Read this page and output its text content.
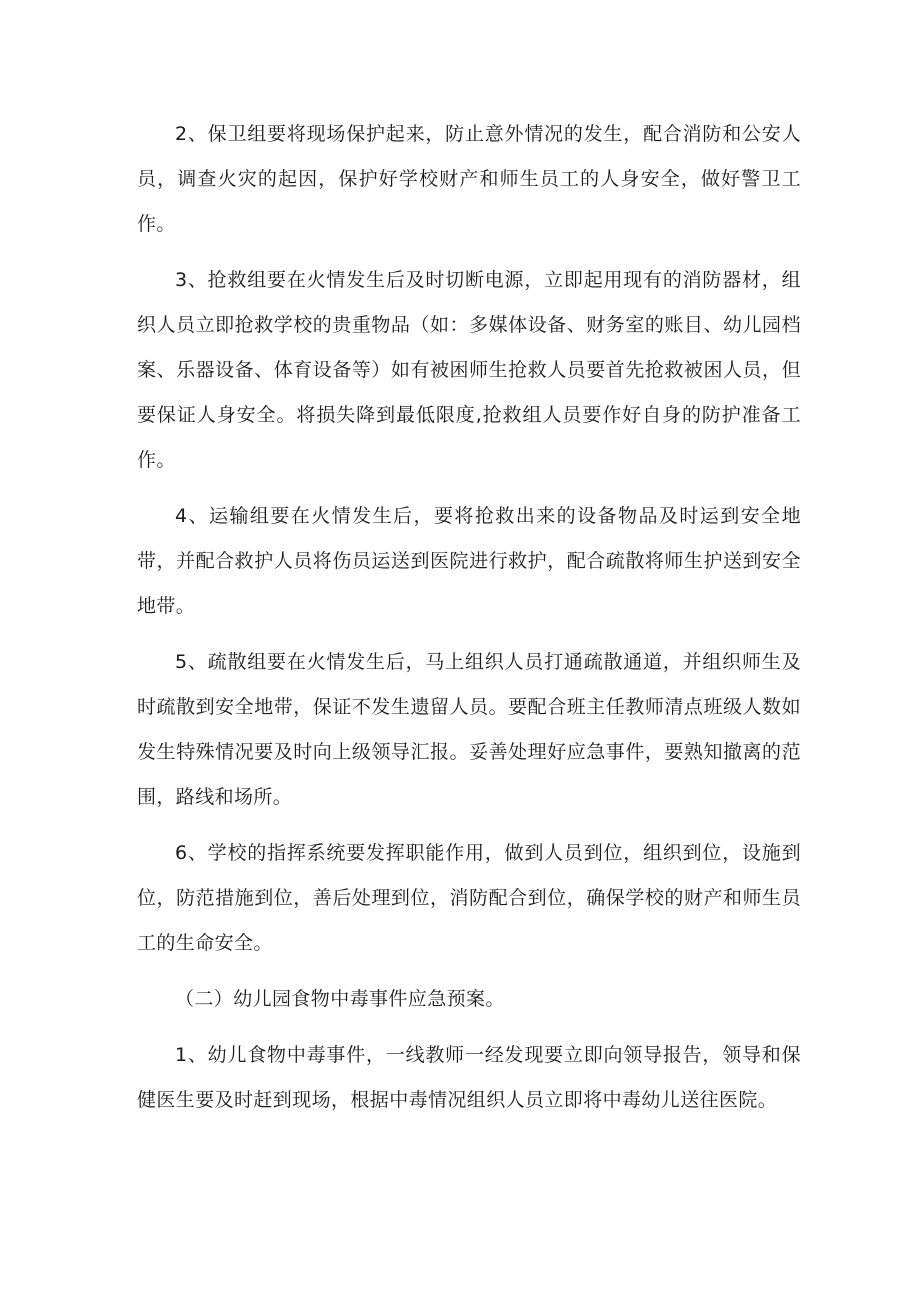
2、保卫组要将现场保护起来，防止意外情况的发生，配合消防和公安人员，调查火灾的起因，保护好学校财产和师生员工的人身安全，做好警卫工作。

3、抢救组要在火情发生后及时切断电源，立即起用现有的消防器材，组织人员立即抢救学校的贵重物品（如：多媒体设备、财务室的账目、幼儿园档案、乐器设备、体育设备等）如有被困师生抢救人员要首先抢救被困人员，但要保证人身安全。将损失降到最低限度,抢救组人员要作好自身的防护准备工作。

4、运输组要在火情发生后，要将抢救出来的设备物品及时运到安全地带，并配合救护人员将伤员运送到医院进行救护，配合疏散将师生护送到安全地带。

5、疏散组要在火情发生后，马上组织人员打通疏散通道，并组织师生及时疏散到安全地带，保证不发生遗留人员。要配合班主任教师清点班级人数如发生特殊情况要及时向上级领导汇报。妥善处理好应急事件，要熟知撤离的范围，路线和场所。

6、学校的指挥系统要发挥职能作用，做到人员到位，组织到位，设施到位，防范措施到位，善后处理到位，消防配合到位，确保学校的财产和师生员工的生命安全。

（二）幼儿园食物中毒事件应急预案。

1、幼儿食物中毒事件，一线教师一经发现要立即向领导报告，领导和保健医生要及时赶到现场，根据中毒情况组织人员立即将中毒幼儿送往医院。
